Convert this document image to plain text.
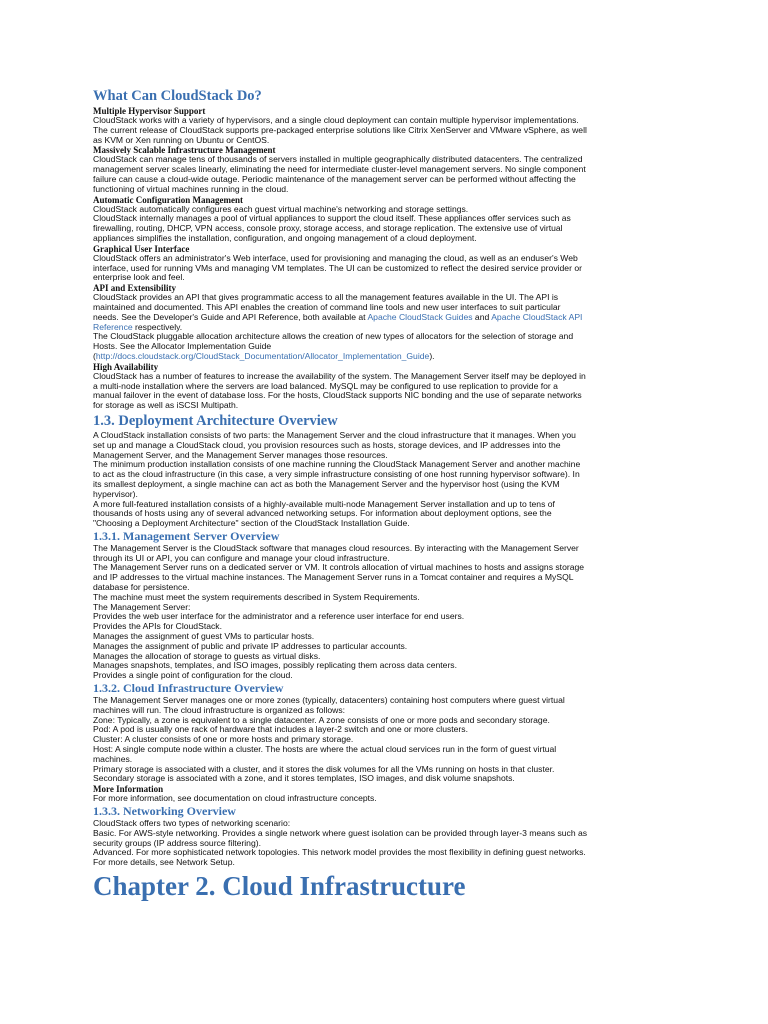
What Can CloudStack Do?
Multiple Hypervisor Support
CloudStack works with a variety of hypervisors, and a single cloud deployment can contain multiple hypervisor implementations. The current release of CloudStack supports pre-packaged enterprise solutions like Citrix XenServer and VMware vSphere, as well as KVM or Xen running on Ubuntu or CentOS.
Massively Scalable Infrastructure Management
CloudStack can manage tens of thousands of servers installed in multiple geographically distributed datacenters. The centralized management server scales linearly, eliminating the need for intermediate cluster-level management servers. No single component failure can cause a cloud-wide outage. Periodic maintenance of the management server can be performed without affecting the functioning of virtual machines running in the cloud.
Automatic Configuration Management
CloudStack automatically configures each guest virtual machine's networking and storage settings.
CloudStack internally manages a pool of virtual appliances to support the cloud itself. These appliances offer services such as firewalling, routing, DHCP, VPN access, console proxy, storage access, and storage replication. The extensive use of virtual appliances simplifies the installation, configuration, and ongoing management of a cloud deployment.
Graphical User Interface
CloudStack offers an administrator's Web interface, used for provisioning and managing the cloud, as well as an enduser's Web interface, used for running VMs and managing VM templates. The UI can be customized to reflect the desired service provider or enterprise look and feel.
API and Extensibility
CloudStack provides an API that gives programmatic access to all the management features available in the UI. The API is maintained and documented. This API enables the creation of command line tools and new user interfaces to suit particular needs. See the Developer's Guide and API Reference, both available at Apache CloudStack Guides and Apache CloudStack API Reference respectively.
The CloudStack pluggable allocation architecture allows the creation of new types of allocators for the selection of storage and Hosts. See the Allocator Implementation Guide
(http://docs.cloudstack.org/CloudStack_Documentation/Allocator_Implementation_Guide).
High Availability
CloudStack has a number of features to increase the availability of the system. The Management Server itself may be deployed in a multi-node installation where the servers are load balanced. MySQL may be configured to use replication to provide for a manual failover in the event of database loss. For the hosts, CloudStack supports NIC bonding and the use of separate networks for storage as well as iSCSI Multipath.
1.3. Deployment Architecture Overview
A CloudStack installation consists of two parts: the Management Server and the cloud infrastructure that it manages. When you set up and manage a CloudStack cloud, you provision resources such as hosts, storage devices, and IP addresses into the Management Server, and the Management Server manages those resources.
The minimum production installation consists of one machine running the CloudStack Management Server and another machine to act as the cloud infrastructure (in this case, a very simple infrastructure consisting of one host running hypervisor software). In its smallest deployment, a single machine can act as both the Management Server and the hypervisor host (using the KVM hypervisor).
A more full-featured installation consists of a highly-available multi-node Management Server installation and up to tens of thousands of hosts using any of several advanced networking setups. For information about deployment options, see the "Choosing a Deployment Architecture" section of the CloudStack Installation Guide.
1.3.1. Management Server Overview
The Management Server is the CloudStack software that manages cloud resources. By interacting with the Management Server through its UI or API, you can configure and manage your cloud infrastructure.
The Management Server runs on a dedicated server or VM. It controls allocation of virtual machines to hosts and assigns storage and IP addresses to the virtual machine instances. The Management Server runs in a Tomcat container and requires a MySQL database for persistence.
The machine must meet the system requirements described in System Requirements.
The Management Server:
Provides the web user interface for the administrator and a reference user interface for end users.
Provides the APIs for CloudStack.
Manages the assignment of guest VMs to particular hosts.
Manages the assignment of public and private IP addresses to particular accounts.
Manages the allocation of storage to guests as virtual disks.
Manages snapshots, templates, and ISO images, possibly replicating them across data centers.
Provides a single point of configuration for the cloud.
1.3.2. Cloud Infrastructure Overview
The Management Server manages one or more zones (typically, datacenters) containing host computers where guest virtual machines will run. The cloud infrastructure is organized as follows:
Zone: Typically, a zone is equivalent to a single datacenter. A zone consists of one or more pods and secondary storage.
Pod: A pod is usually one rack of hardware that includes a layer-2 switch and one or more clusters.
Cluster: A cluster consists of one or more hosts and primary storage.
Host: A single compute node within a cluster. The hosts are where the actual cloud services run in the form of guest virtual machines.
Primary storage is associated with a cluster, and it stores the disk volumes for all the VMs running on hosts in that cluster.
Secondary storage is associated with a zone, and it stores templates, ISO images, and disk volume snapshots.
More Information
For more information, see documentation on cloud infrastructure concepts.
1.3.3. Networking Overview
CloudStack offers two types of networking scenario:
Basic. For AWS-style networking. Provides a single network where guest isolation can be provided through layer-3 means such as security groups (IP address source filtering).
Advanced. For more sophisticated network topologies. This network model provides the most flexibility in defining guest networks.
For more details, see Network Setup.
Chapter 2. Cloud Infrastructure
